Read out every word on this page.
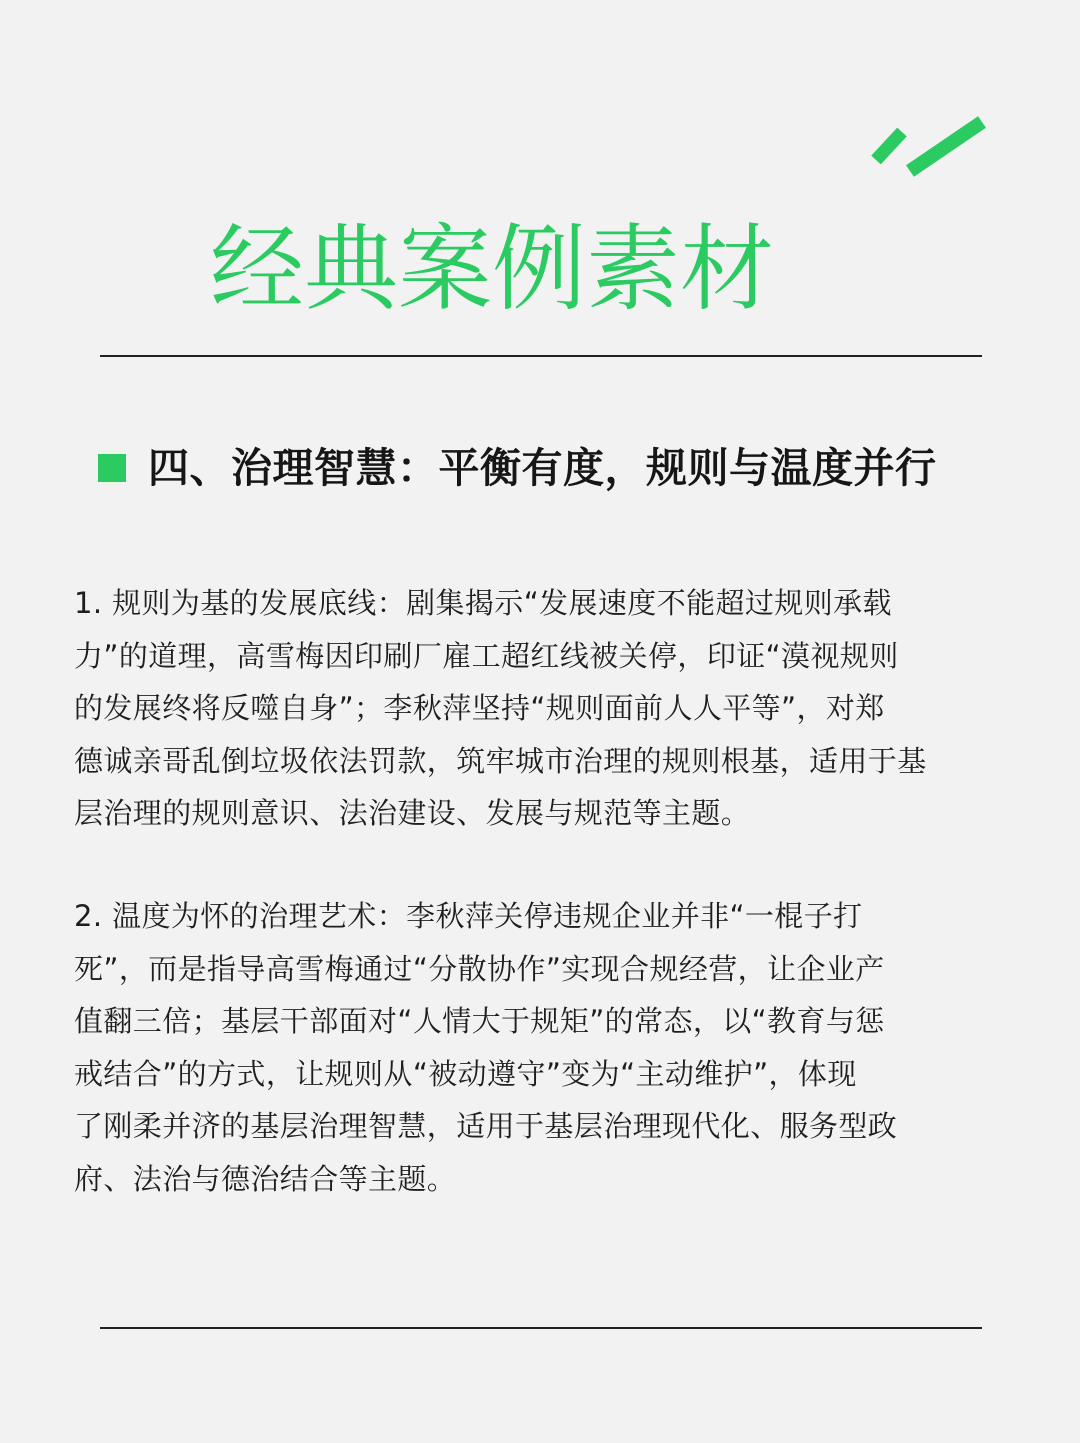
经典案例素材
四、治理智慧：平衡有度，规则与温度并行
1. 规则为基的发展底线：剧集揭示“发展速度不能超过规则承载
力”的道理，高雪梅因印刷厂雇工超红线被关停，印证“漠视规则
的发展终将反噬自身”；李秋萍坚持“规则面前人人平等”，对郑
德诚亲哥乱倒垃圾依法罚款，筑牢城市治理的规则根基，适用于基
层治理的规则意识、法治建设、发展与规范等主题。
2. 温度为怀的治理艺术：李秋萍关停违规企业并非“一棍子打
死”，而是指导高雪梅通过“分散协作”实现合规经营，让企业产
值翻三倍；基层干部面对“人情大于规矩”的常态，以“教育与惩
戒结合”的方式，让规则从“被动遵守”变为“主动维护”，体现
了刚柔并济的基层治理智慧，适用于基层治理现代化、服务型政
府、法治与德治结合等主题。
